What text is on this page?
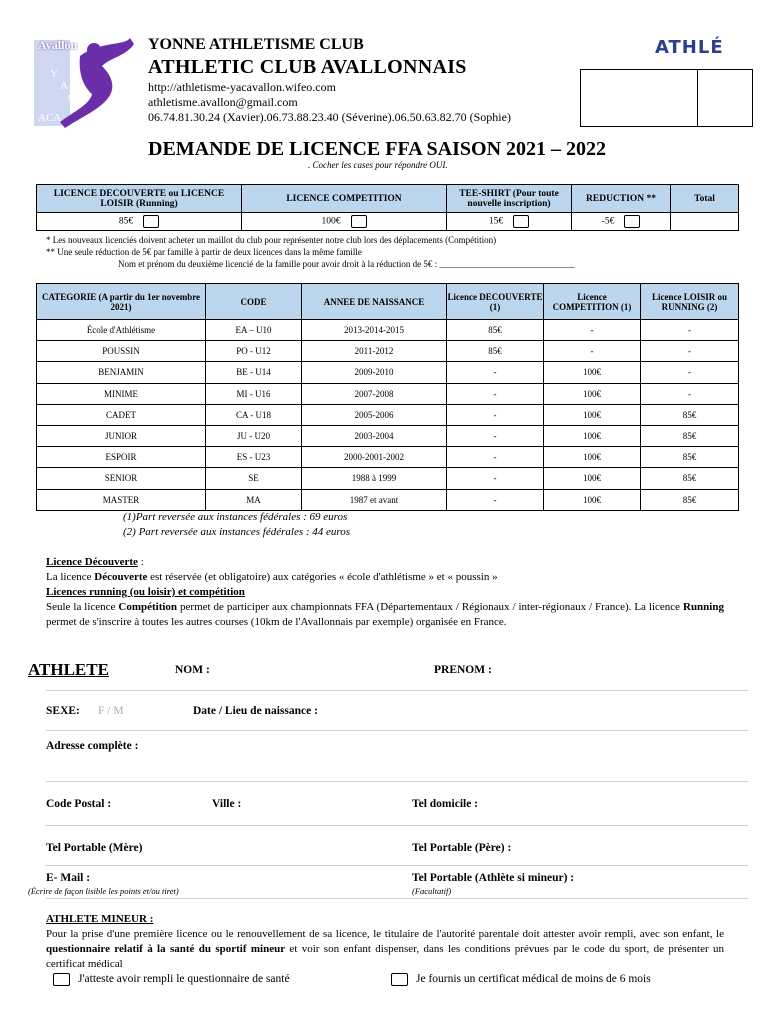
Avallon
Y
A
C
ACA
ATHLÉ
YONNE ATHLETISME CLUB
ATHLETIC CLUB AVALLONNAIS
http://athletisme-yacavallon.wifeo.com
athletisme.avallon@gmail.com
06.74.81.30.24 (Xavier).06.73.88.23.40 (Séverine).06.50.63.82.70 (Sophie)
DEMANDE DE LICENCE FFA SAISON 2021 – 2022
. Cocher les cases pour répondre OUI.
LICENCE DECOUVERTE ou LICENCE LOISIR (Running)	LICENCE COMPETITION	TEE-SHIRT (Pour toute nouvelle inscription)	REDUCTION **	Total
85€	100€	15€	-5€	
* Les nouveaux licenciés doivent acheter un maillot du club pour représenter notre club lors des déplacements (Compétition)
** Une seule réduction de 5€ par famille à partir de deux licences dans la même famille
Nom et prénom du deuxième licencié de la famille pour avoir droit à la réduction de 5€ : ______________________________
CATEGORIE (A partir du 1er novembre 2021)	CODE	ANNEE DE NAISSANCE	Licence DECOUVERTE (1)	Licence COMPETITION (1)	Licence LOISIR ou RUNNING (2)
École d'Athlétisme	EA – U10	2013-2014-2015	85€	-	-
POUSSIN	PO - U12	2011-2012	85€	-	-
BENJAMIN	BE - U14	2009-2010	-	100€	-
MINIME	MI - U16	2007-2008	-	100€	-
CADET	CA - U18	2005-2006	-	100€	85€
JUNIOR	JU - U20	2003-2004	-	100€	85€
ESPOIR	ES - U23	2000-2001-2002	-	100€	85€
SENIOR	SE	1988 à 1999	-	100€	85€
MASTER	MA	1987 et avant	-	100€	85€
(1)Part reversée aux instances fédérales : 69 euros
(2) Part reversée aux instances fédérales : 44 euros
Licence Découverte :
La licence Découverte est réservée (et obligatoire) aux catégories « école d'athlétisme » et « poussin »
Licences running (ou loisir) et compétition
Seule la licence Compétition permet de participer aux championnats FFA (Départementaux / Régionaux / inter-régionaux / France). La licence Running permet de s'inscrire à toutes les autres courses (10km de l'Avallonnais par exemple) organisée en France.
ATHLETE	NOM :	PRENOM :
SEXE: F / M	Date / Lieu de naissance :
Adresse complète :
Code Postal :	Ville :	Tel domicile :
Tel Portable (Mère)	Tel Portable (Père) :
E- Mail :
(Écrire de façon lisible les points et/ou tiret)
Tel Portable (Athlète si mineur) :
(Facultatif)
ATHLETE MINEUR :
Pour la prise d'une première licence ou le renouvellement de sa licence, le titulaire de l'autorité parentale doit attester avoir rempli, avec son enfant, le questionnaire relatif à la santé du sportif mineur et voir son enfant dispenser, dans les conditions prévues par le code du sport, de présenter un certificat médical
J'atteste avoir rempli le questionnaire de santé	Je fournis un certificat médical de moins de 6 mois
